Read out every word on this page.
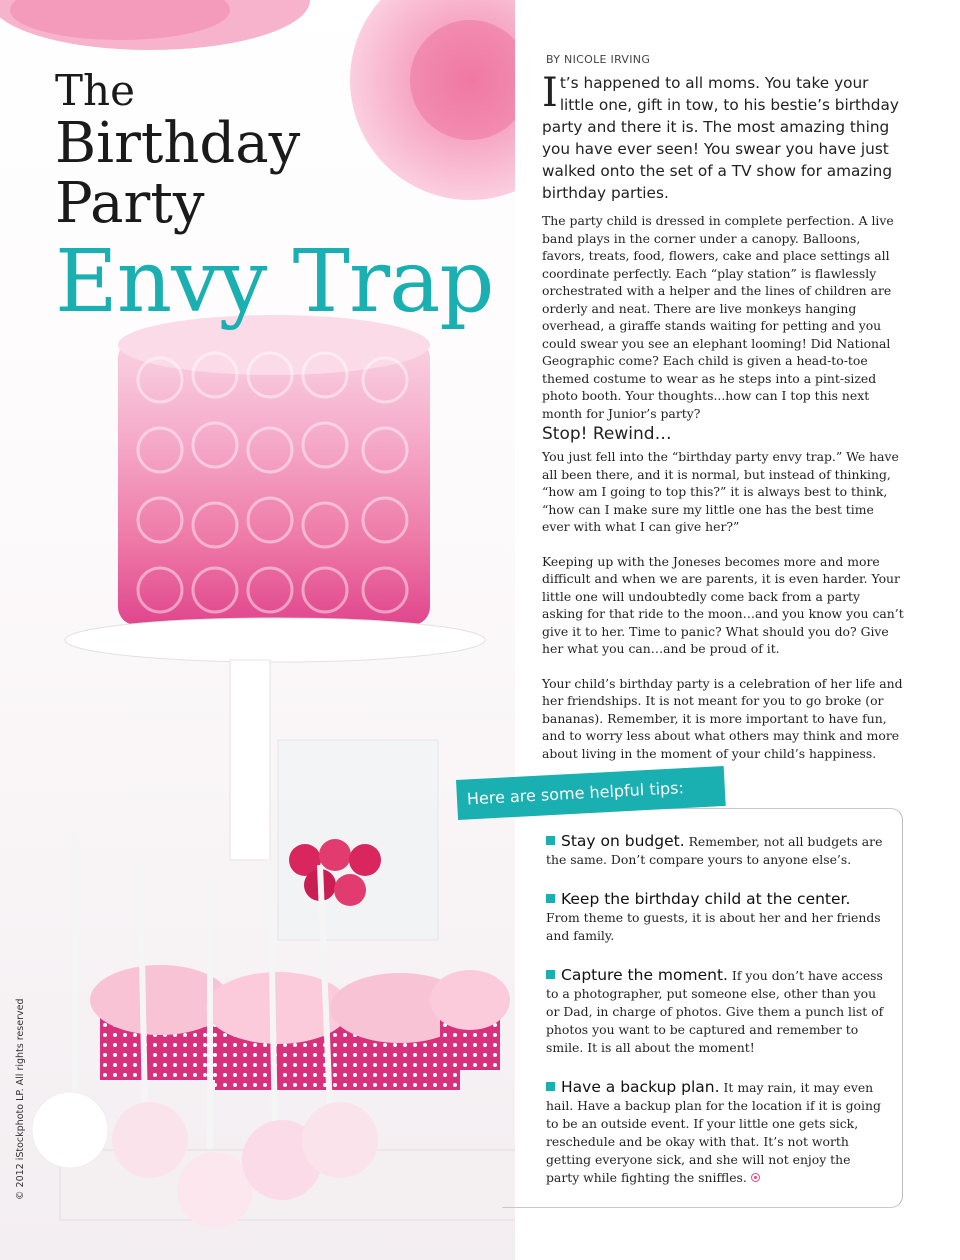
The
Birthday
Party
Envy Trap
© 2012 iStockphoto LP. All rights reserved
BY NICOLE IRVING
It’s happened to all moms. You take your little one, gift in tow, to his bestie’s birthday party and there it is. The most amazing thing you have ever seen! You swear you have just walked onto the set of a TV show for amazing birthday parties.
The party child is dressed in complete perfection. A live band plays in the corner under a canopy. Balloons, favors, treats, food, flowers, cake and place settings all coordinate perfectly. Each “play station” is flawlessly orchestrated with a helper and the lines of children are orderly and neat. There are live monkeys hanging overhead, a giraffe stands waiting for petting and you could swear you see an elephant looming! Did National Geographic come? Each child is given a head-to-toe themed costume to wear as he steps into a pint-sized photo booth. Your thoughts...how can I top this next month for Junior’s party?
Stop! Rewind…

You just fell into the “birthday party envy trap.” We have all been there, and it is normal, but instead of thinking, “how am I going to top this?” it is always best to think, “how can I make sure my little one has the best time ever with what I can give her?”

Keeping up with the Joneses becomes more and more difficult and when we are parents, it is even harder. Your little one will undoubtedly come back from a party asking for that ride to the moon…and you know you can’t give it to her. Time to panic? What should you do? Give her what you can…and be proud of it.

Your child’s birthday party is a celebration of her life and her friendships. It is not meant for you to go broke (or bananas). Remember, it is more important to have fun, and to worry less about what others may think and more about living in the moment of your child’s happiness.

Here are some helpful tips:
Stay on budget. Remember, not all budgets are the same. Don’t compare yours to anyone else’s.
Keep the birthday child at the center. From theme to guests, it is about her and her friends and family.
Capture the moment. If you don’t have access to a photographer, put someone else, other than you or Dad, in charge of photos. Give them a punch list of photos you want to be captured and remember to smile. It is all about the moment!
Have a backup plan. It may rain, it may even hail. Have a backup plan for the location if it is going to be an outside event. If your little one gets sick, reschedule and be okay with that. It’s not worth getting everyone sick, and she will not enjoy the party while fighting the sniffles.
